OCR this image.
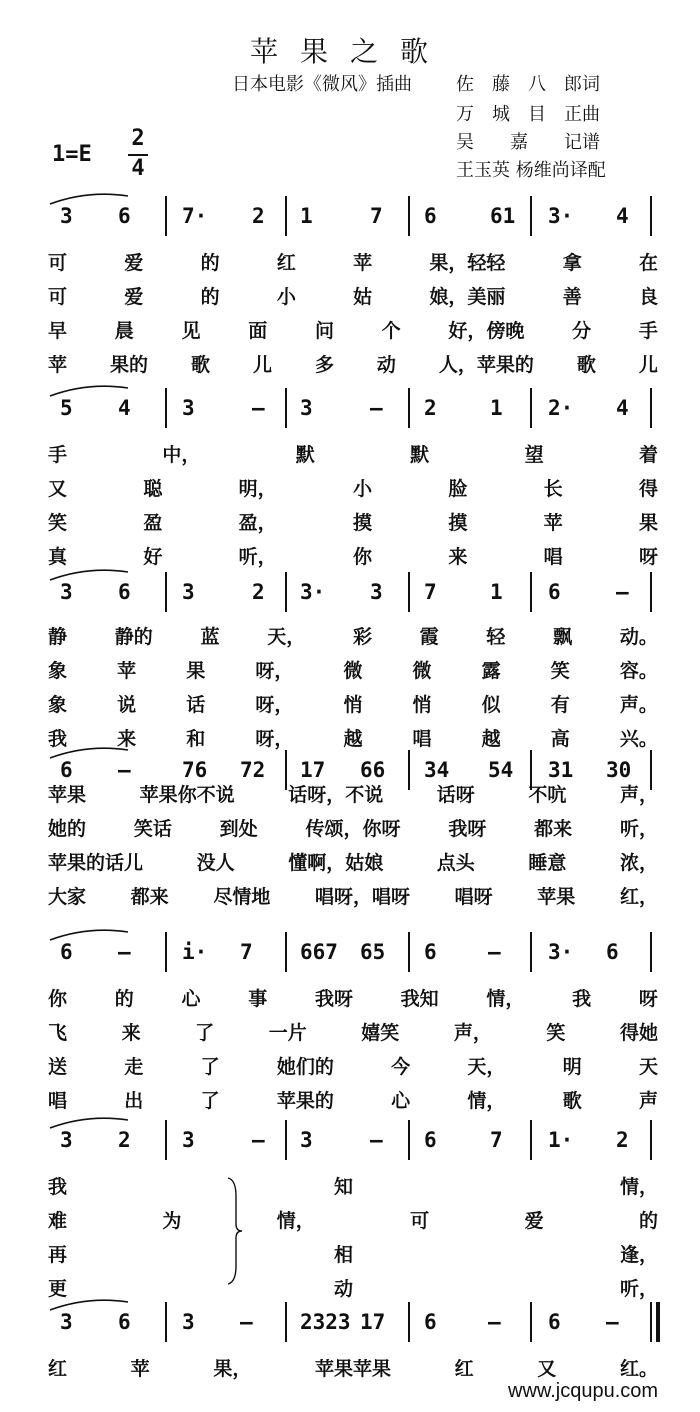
苹果之歌
日本电影《微风》插曲 佐　藤　八　郎词
万　城　目　正曲
吴　　嘉　　记谱
王玉英 杨维尚译配
1=E
2
4
3 6 7· 2 1	7 6	61 3· 4
可	爱	的	红	苹	果，轻轻	拿	在
可	爱	的	小	姑	娘，美丽	善	良
早	晨	见	面	问	个	好，傍晚	分	手
苹 果的 歌 儿 多 动 人，苹果的 歌 儿
5 4 3	— 3	— 2	1 2· 4
手	中，	默	默	望	着
又	聪	明，	小	脸	长	得
笑	盈	盈，	摸	摸	苹	果
真	好	听，	你	来	唱	呀
3 6 3	2 3· 3 7	1 6	—
静	静的	蓝	天，	彩	霞	轻	飘	动。
象	苹	果	呀，	微	微	露	笑	容。
象	说	话	呀，	悄	悄	似	有	声。
我	来	和	呀，	越	唱	越	高	兴。
6 — 76 72 17 66 34 54 31 30
苹果	苹果你不说	话呀，不说	话呀	不吭	声，
她的	笑话	到处	传颂，你呀	我呀	都来	听，
苹果的话儿	没人	懂啊，姑娘	点头	睡意	浓，
大家 都来 尽情地 唱呀，唱呀 唱呀 苹果 红，
6 — i· 7 667 65 6 — 3· 6
你	的	心	事	我呀	我知	情，	我	呀
飞	来	了	一片	嬉笑	声，	笑	得她
送	走	了	她们的	今	天，	明	天
唱	出	了	苹果的	心	情，	歌	声
3 2 3	— 3	— 6	7 1· 2
我	知	情，
难	为	情，	可	爱	的
再	相	逢，
更	动	听，
3 6 3 — 2323 17 6 — 6 —
红	苹	果，	苹果苹果	红	又	红。
www.jcqupu.com
